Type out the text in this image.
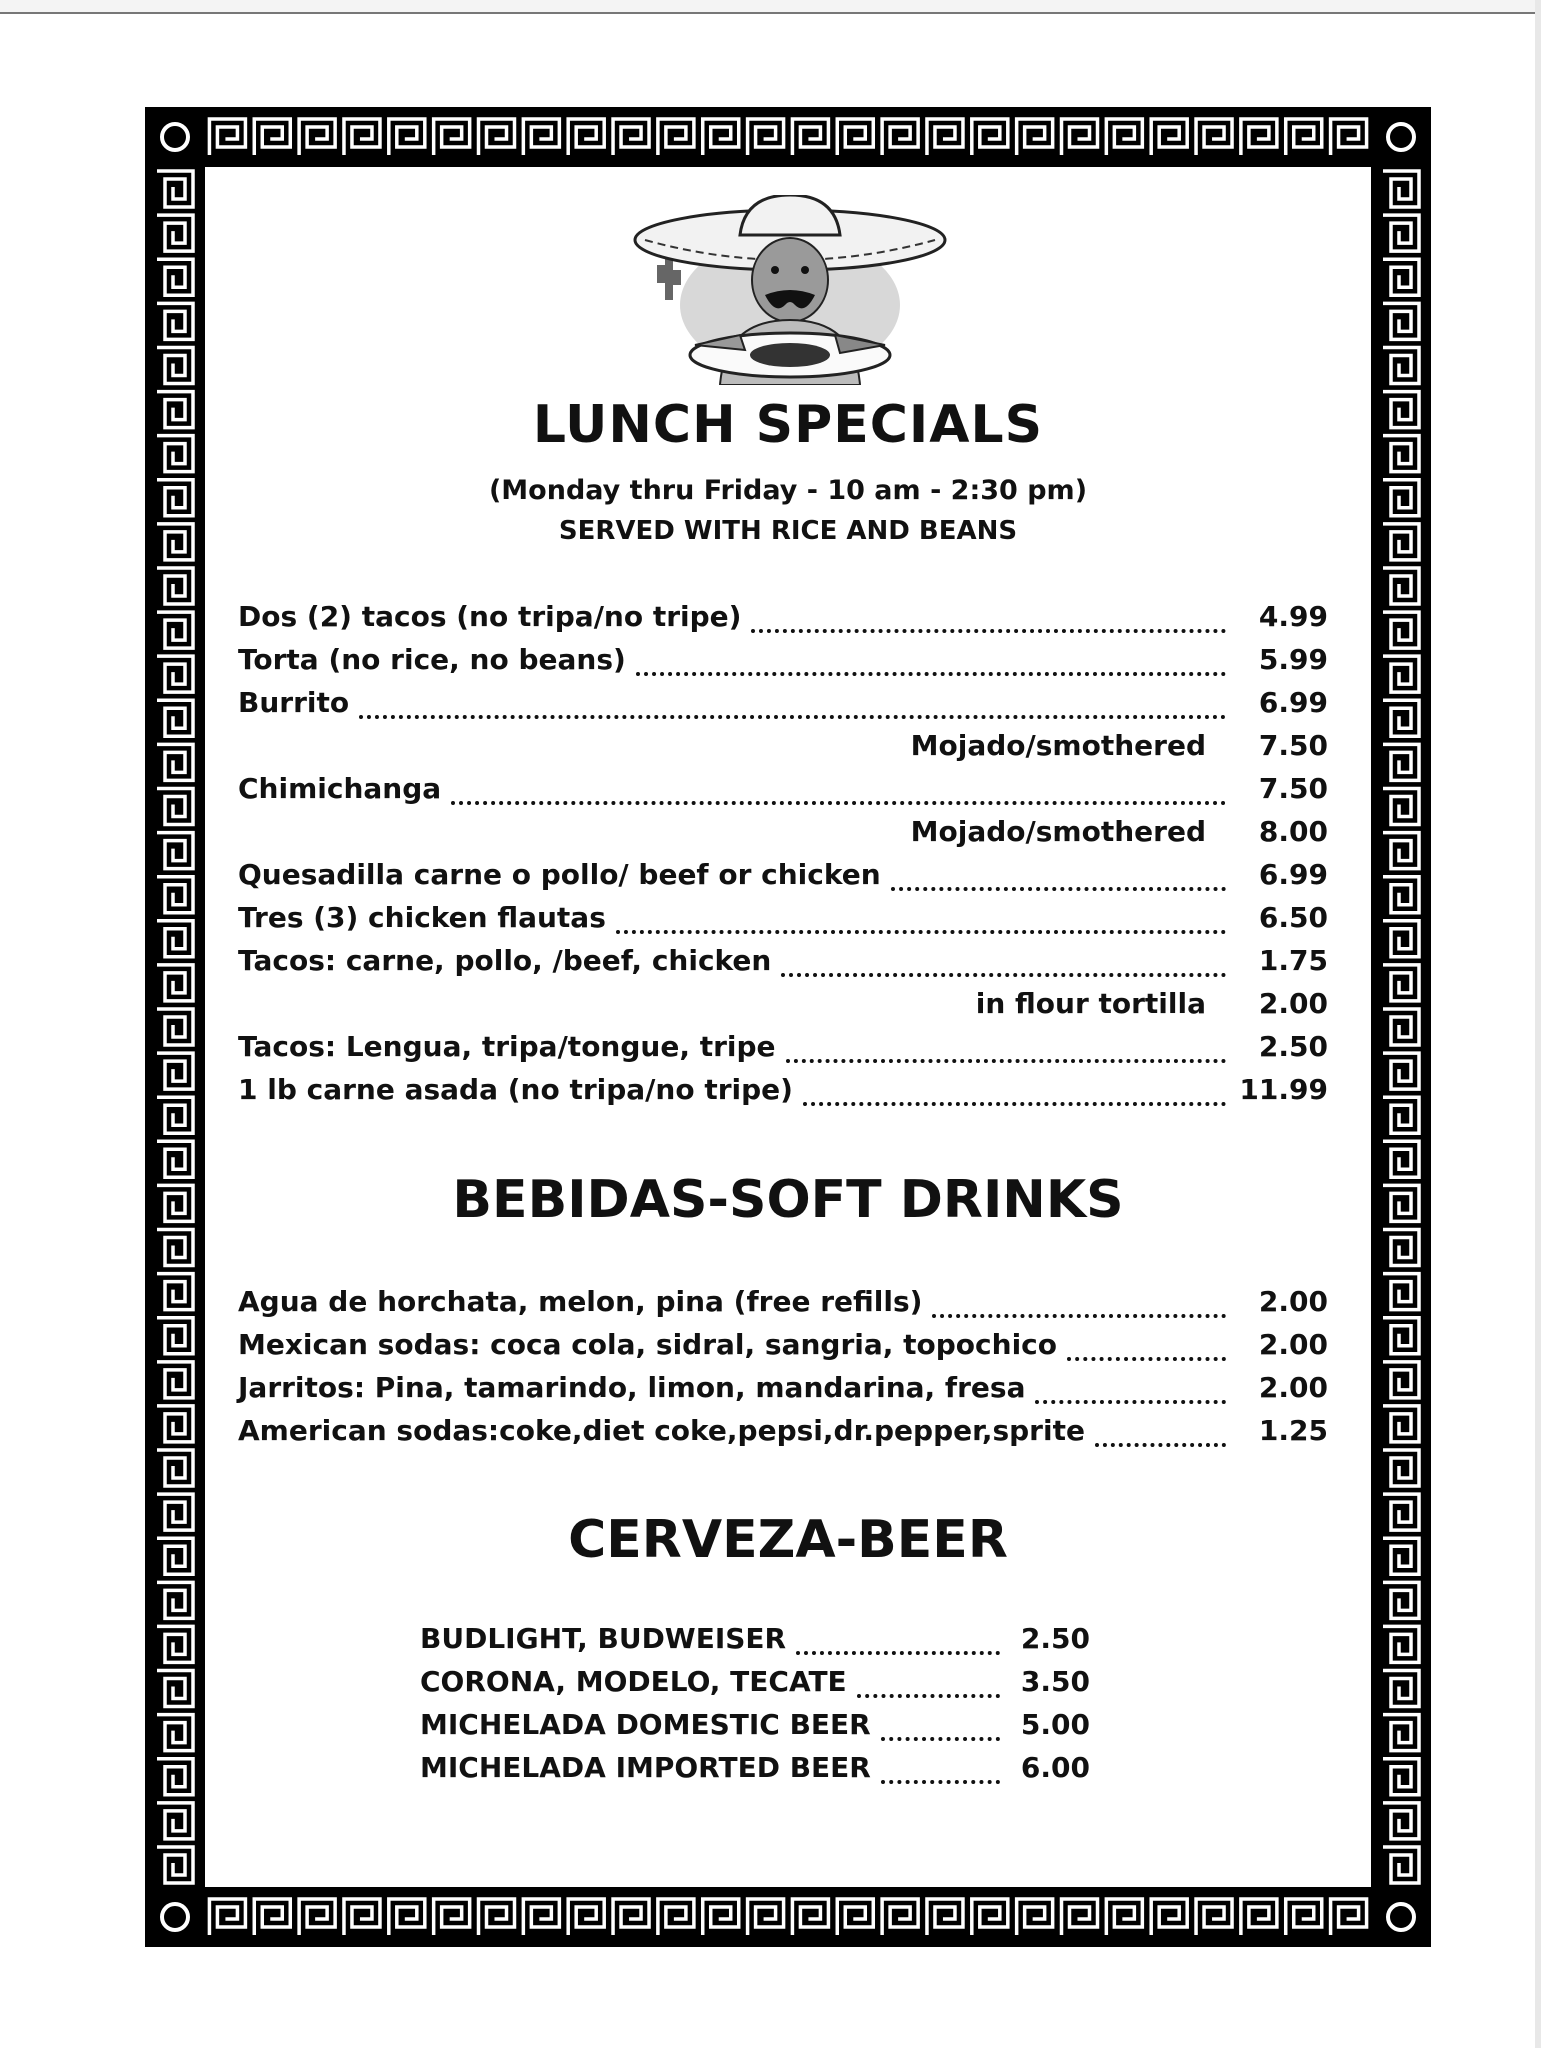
LUNCH SPECIALS
(Monday thru Friday - 10 am - 2:30 pm)
SERVED WITH RICE AND BEANS
Dos (2) tacos (no tripa/no tripe)	4.99
Torta (no rice, no beans)	5.99
Burrito	6.99
Mojado/smothered	7.50
Chimichanga	7.50
Mojado/smothered	8.00
Quesadilla carne o pollo/ beef or chicken	6.99
Tres (3) chicken flautas	6.50
Tacos: carne, pollo, /beef, chicken	1.75
in flour tortilla	2.00
Tacos: Lengua, tripa/tongue, tripe	2.50
1 lb carne asada (no tripa/no tripe)	11.99
BEBIDAS-SOFT DRINKS
Agua de horchata, melon, pina (free refills)	2.00
Mexican sodas: coca cola, sidral, sangria, topochico	2.00
Jarritos: Pina, tamarindo, limon, mandarina, fresa	2.00
American sodas:coke,diet coke,pepsi,dr.pepper,sprite	1.25
CERVEZA-BEER
BUDLIGHT, BUDWEISER	2.50
CORONA, MODELO, TECATE	3.50
MICHELADA DOMESTIC BEER	5.00
MICHELADA IMPORTED BEER	6.00
